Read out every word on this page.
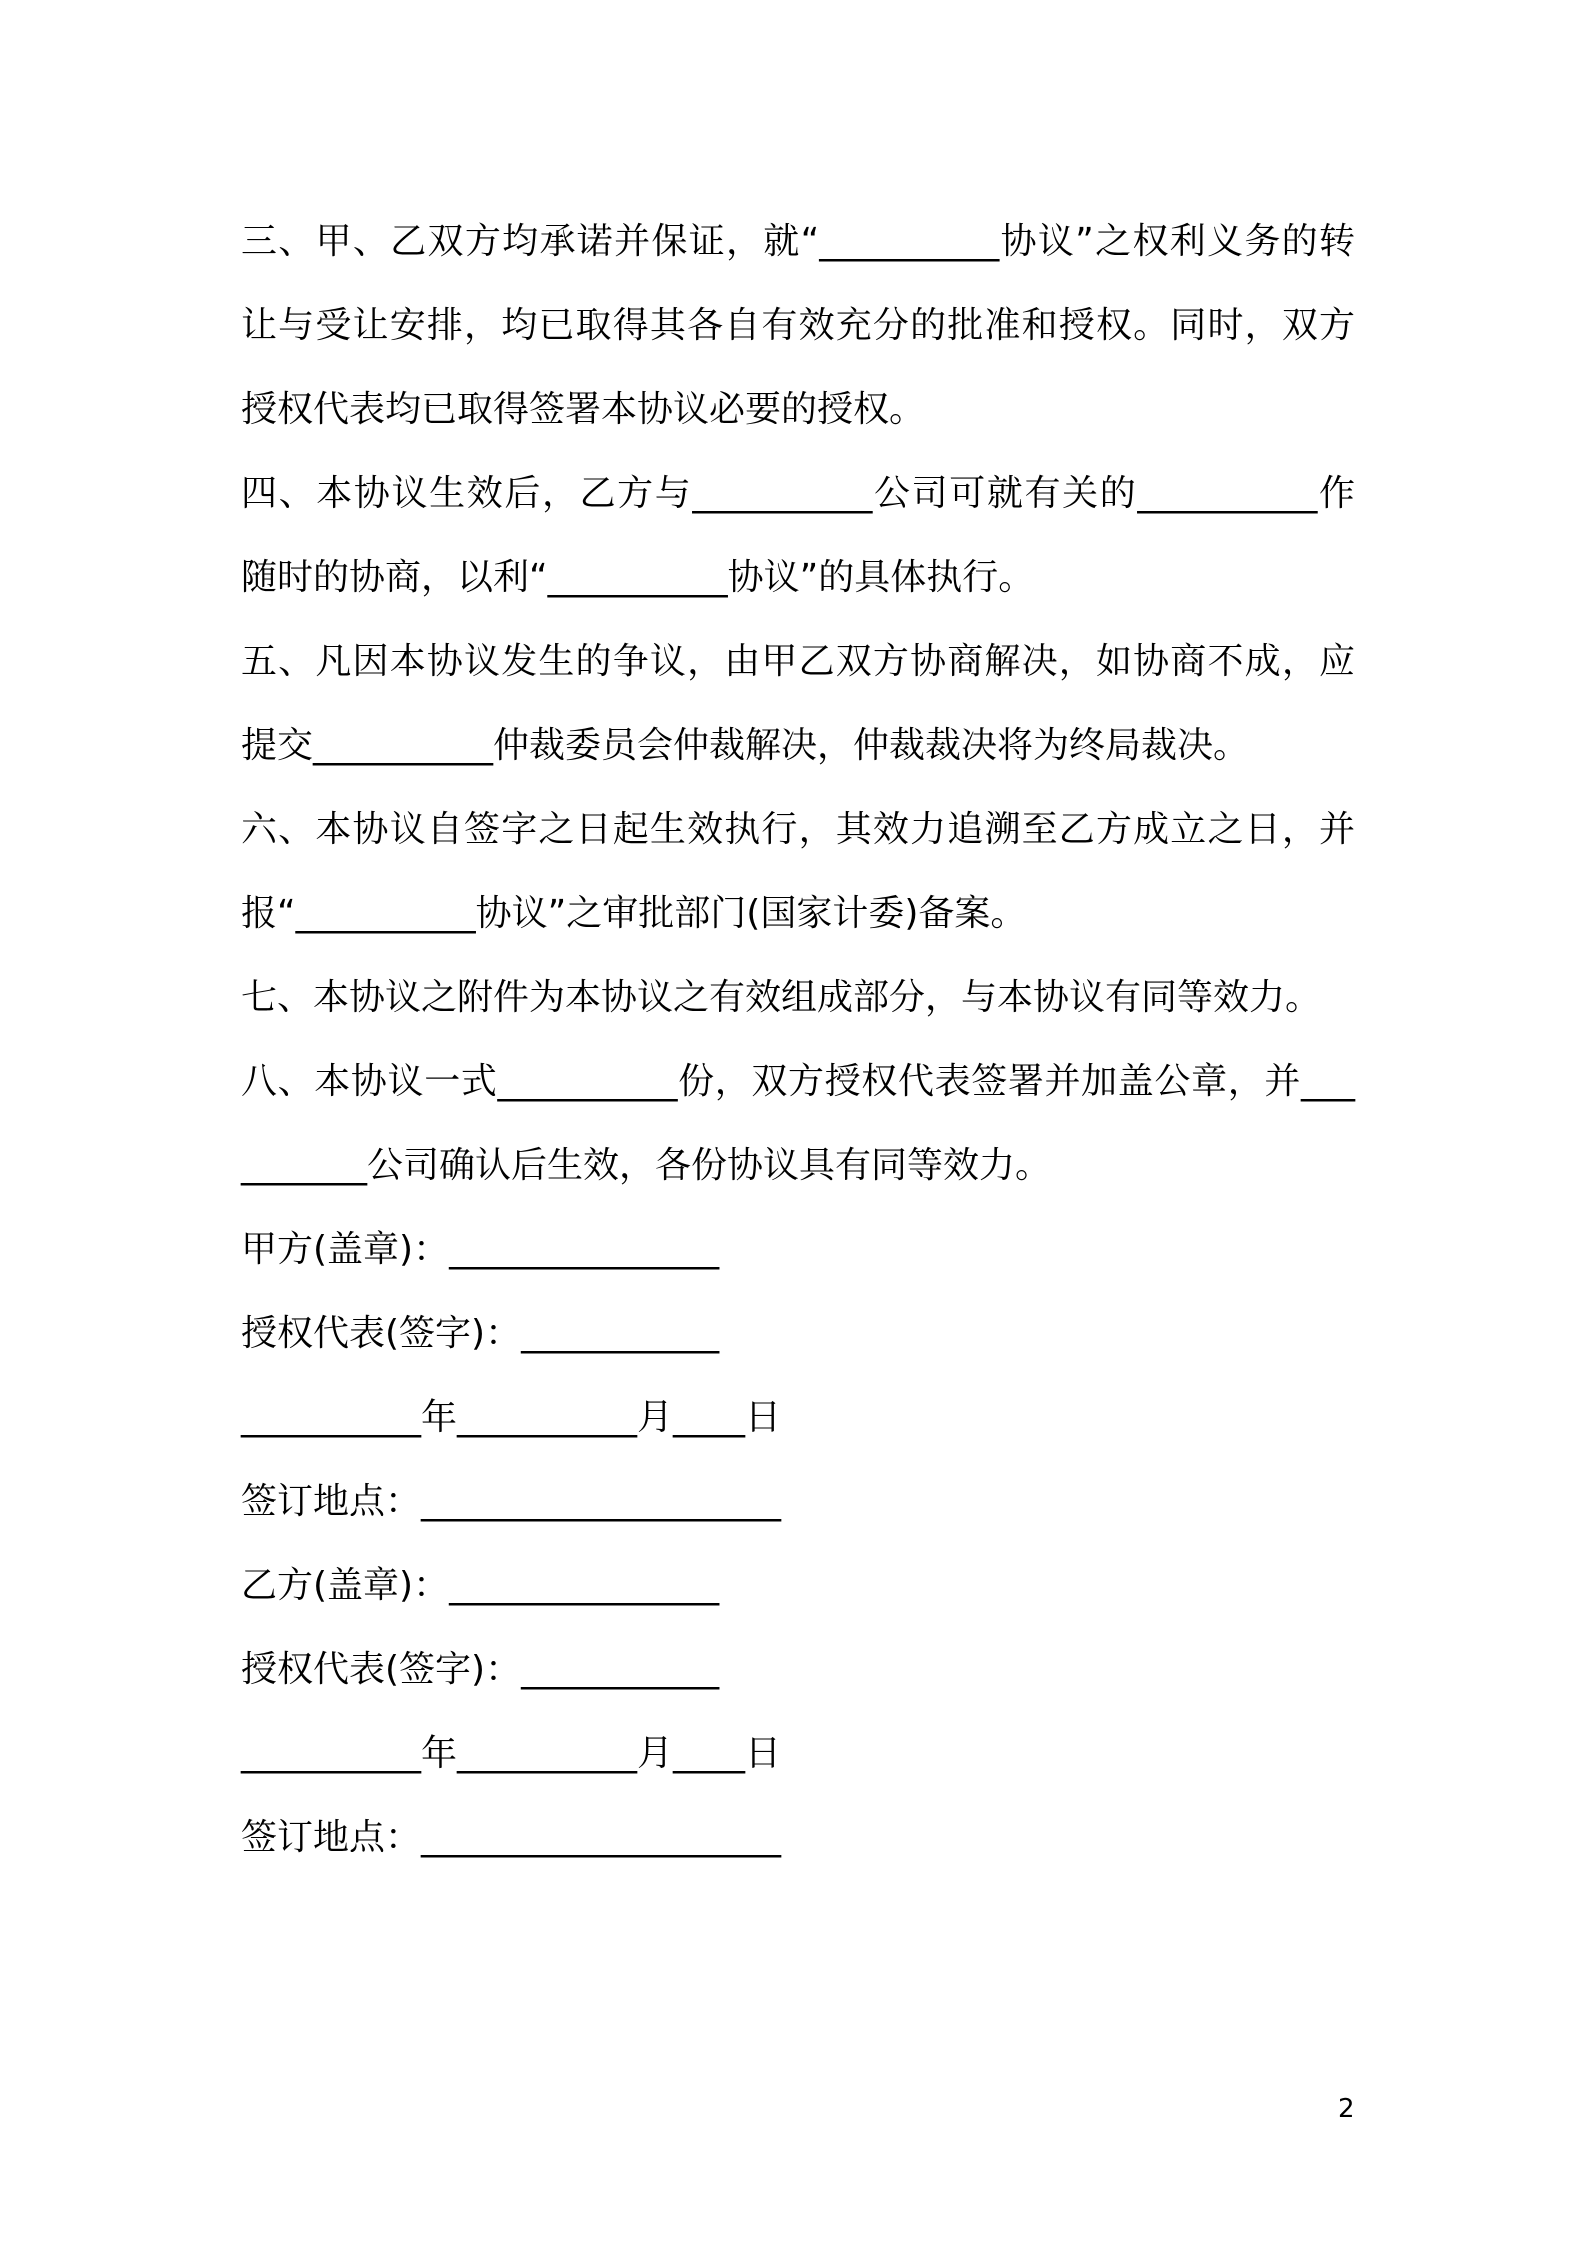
三、甲、乙双方均承诺并保证，就“__________协议”之权利义务的转让与受让安排，均已取得其各自有效充分的批准和授权。同时，双方授权代表均已取得签署本协议必要的授权。

四、本协议生效后，乙方与__________公司可就有关的__________作随时的协商，以利“__________协议”的具体执行。

五、凡因本协议发生的争议，由甲乙双方协商解决，如协商不成，应提交__________仲裁委员会仲裁解决，仲裁裁决将为终局裁决。

六、本协议自签字之日起生效执行，其效力追溯至乙方成立之日，并报“__________协议”之审批部门(国家计委)备案。

七、本协议之附件为本协议之有效组成部分，与本协议有同等效力。

八、本协议一式__________份，双方授权代表签署并加盖公章，并__________公司确认后生效，各份协议具有同等效力。

甲方(盖章)：_______________

授权代表(签字)：___________

__________年__________月____日

签订地点：____________________

乙方(盖章)：_______________

授权代表(签字)：___________

__________年__________月____日

签订地点：____________________

2
